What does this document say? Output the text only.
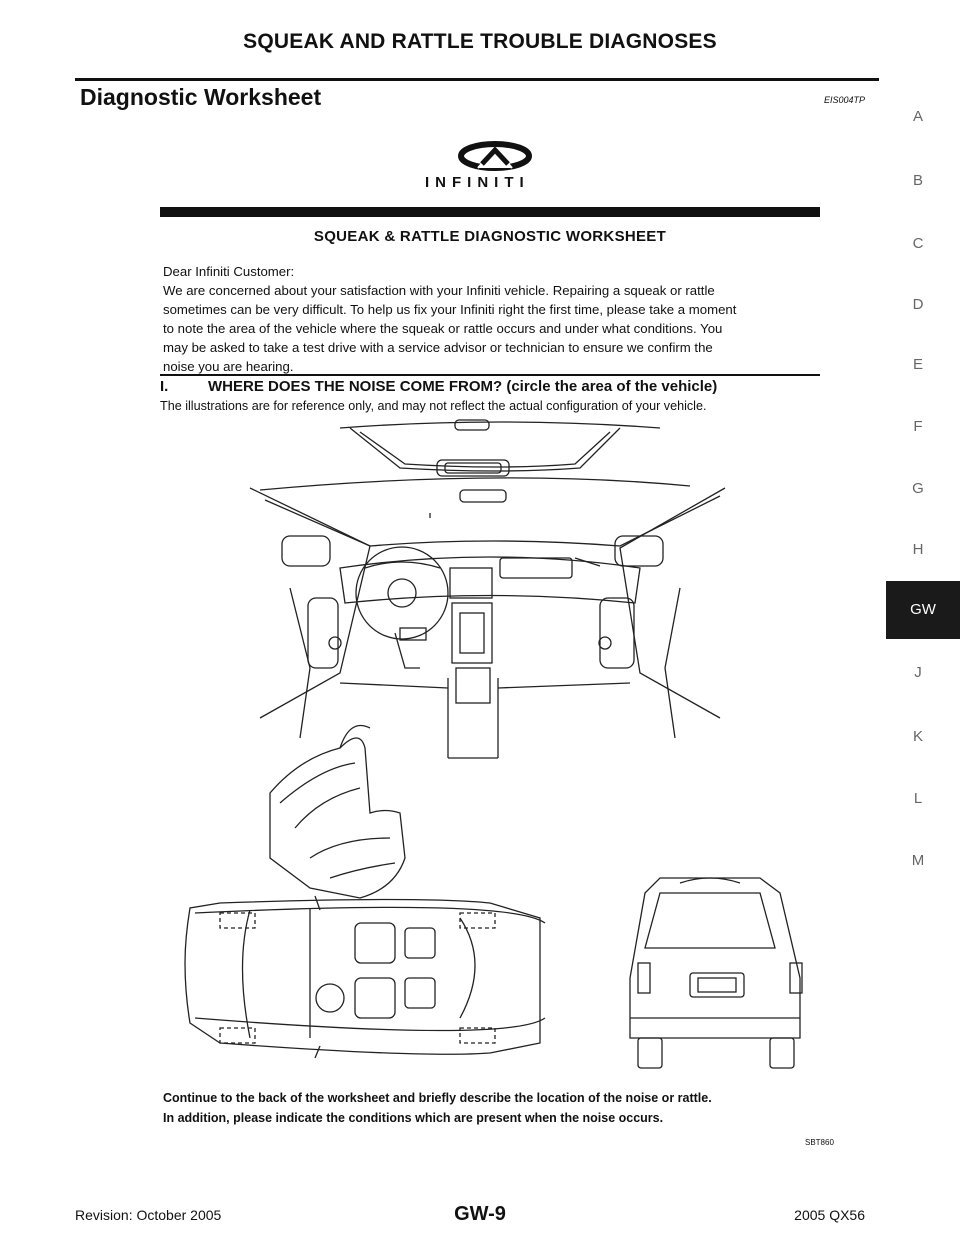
SQUEAK AND RATTLE TROUBLE DIAGNOSES
Diagnostic Worksheet	EIS004TP
A
B
C
D
E
F
G
H
GW
J
K
L
M
INFINITI
SQUEAK & RATTLE DIAGNOSTIC WORKSHEET
Dear Infiniti Customer:
We are concerned about your satisfaction with your Infiniti vehicle. Repairing a squeak or rattle
sometimes can be very difficult. To help us fix your Infiniti right the first time, please take a moment
to note the area of the vehicle where the squeak or rattle occurs and under what conditions. You
may be asked to take a test drive with a service advisor or technician to ensure we confirm the
noise you are hearing.
I.	WHERE DOES THE NOISE COME FROM? (circle the area of the vehicle)
The illustrations are for reference only, and may not reflect the actual configuration of your vehicle.
Continue to the back of the worksheet and briefly describe the location of the noise or rattle.
In addition, please indicate the conditions which are present when the noise occurs.
SBT860
Revision: October 2005	GW-9	2005 QX56
